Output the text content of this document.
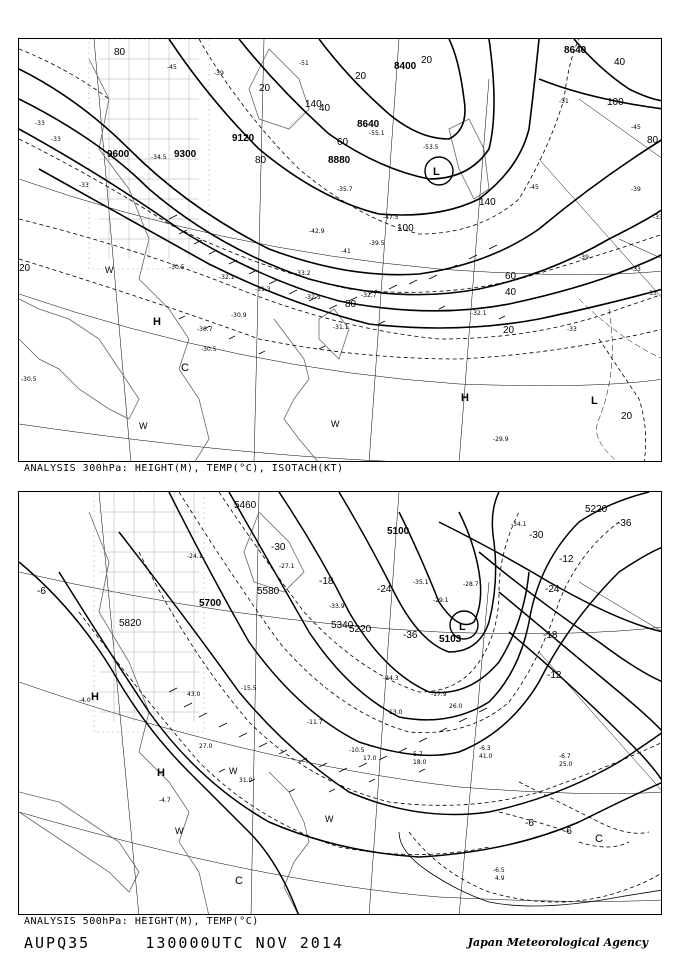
9600	9300
9120
8880
8640
8640
8400
80
20
140
80
20	40
100
80
140
60
40
20
100
20
80
60
20
40
20
-33
-33
-33
-39
-45
-51
-34.5
-30.5
-32.1
-31.3
-30.9
-31.1
-32.5	-32.7
-33.2
-35.7
-39.5
-41
-42.9
-47.5
-55.1
-53.5
-32.1
-30.7
-30.5
-30.5
-29.9
-33
-39
-45
-51
-33
-39
-45
-33
-33
H
L
L
H
C
W
W	W
ANALYSIS 300hPa: HEIGHT(M), TEMP(°C), ISOTACH(KT)
5820
5700
5580
5460
5340
5220
5100
5103
5220
-6
-30
-36
-24
-18
-12
-6
-6
-36
-30
-24
-18
-12
-24.1
-27.1
-29.1
-34.1
-35.1
-33.9
-28.7
-24.3
-17.9
-15.5
-11.7
-10.5
-5.7
-4.7
-4.0
-6.3
-6.7
-6.5
43.0
41.0
25.0
31.0
27.0
17.0
18.0
13.0
26.0
4.9
H
H
L
C
C
W
W
W
ANALYSIS 500hPa: HEIGHT(M), TEMP(°C)
AUPQ35	130000UTC NOV 2014	Japan Meteorological Agency
